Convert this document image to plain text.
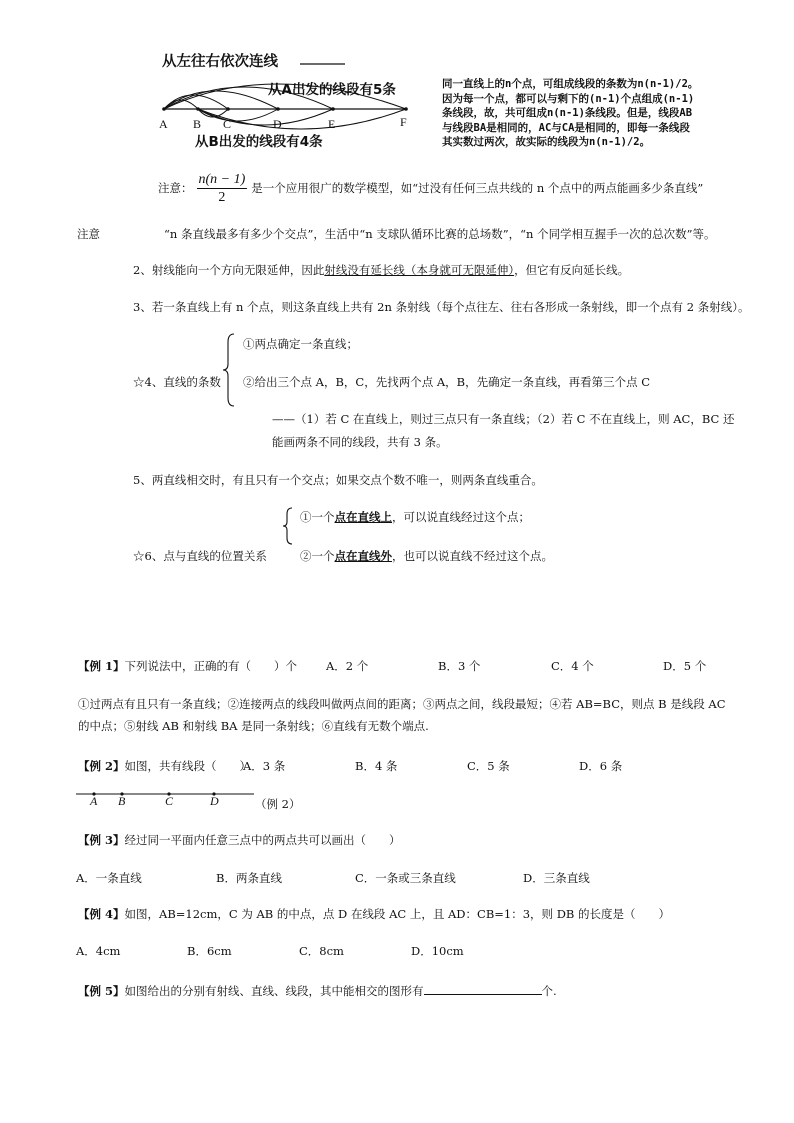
从左往右依次连线
A B C	D	E	F
从A出发的线段有5条
从B出发的线段有4条
同一直线上的n个点，可组成线段的条数为n(n-1)/2。
因为每一个点，都可以与剩下的(n-1)个点组成(n-1)
条线段，故，共可组成n(n-1)条线段。但是，线段AB
与线段BA是相同的，AC与CA是相同的，即每一条线段
其实数过两次，故实际的线段为n(n-1)/2。
注意： $\frac{n(n - 1)}{2}$ 是一个应用很广的数学模型，如“过没有任何三点共线的 n 个点中的两点能画多少条直线”
注意	“n 条直线最多有多少个交点”，生活中“n 支球队循环比赛的总场数”，“n 个同学相互握手一次的总次数”等。
2、射线能向一个方向无限延伸，因此射线没有延长线（本身就可无限延伸），但它有反向延长线。
3、若一条直线上有 n 个点，则这条直线上共有 2n 条射线（每个点往左、往右各形成一条射线，即一个点有 2 条射线）。
☆4、直线的条数
①两点确定一条直线；
②给出三个点 A，B，C，先找两个点 A，B，先确定一条直线，再看第三个点 C
——（1）若 C 在直线上，则过三点只有一条直线；（2）若 C 不在直线上，则 AC，BC 还
能画两条不同的线段，共有 3 条。
5、两直线相交时，有且只有一个交点；如果交点个数不唯一，则两条直线重合。
①一个点在直线上，可以说直线经过这个点；
☆6、点与直线的位置关系	②一个点在直线外，也可以说直线不经过这个点。
【例 1】下列说法中，正确的有（　　）个	A．2 个	B．3 个	C．4 个	D．5 个
①过两点有且只有一条直线；②连接两点的线段叫做两点间的距离；③两点之间，线段最短；④若 AB=BC，则点 B 是线段 AC
的中点；⑤射线 AB 和射线 BA 是同一条射线；⑥直线有无数个端点.
【例 2】如图，共有线段（　　）
A．3 条	B．4 条	C．5 条	D．6 条
A B	C	D	（例 2）
【例 3】经过同一平面内任意三点中的两点共可以画出（　　）
A．一条直线	B．两条直线	C．一条或三条直线	D．三条直线
【例 4】如图，AB=12cm，C 为 AB 的中点，点 D 在线段 AC 上，且 AD：CB=1：3，则 DB 的长度是（　　）
A．4cm	B．6cm	C．8cm	D．10cm
【例 5】如图给出的分别有射线、直线、线段，其中能相交的图形有	个.
